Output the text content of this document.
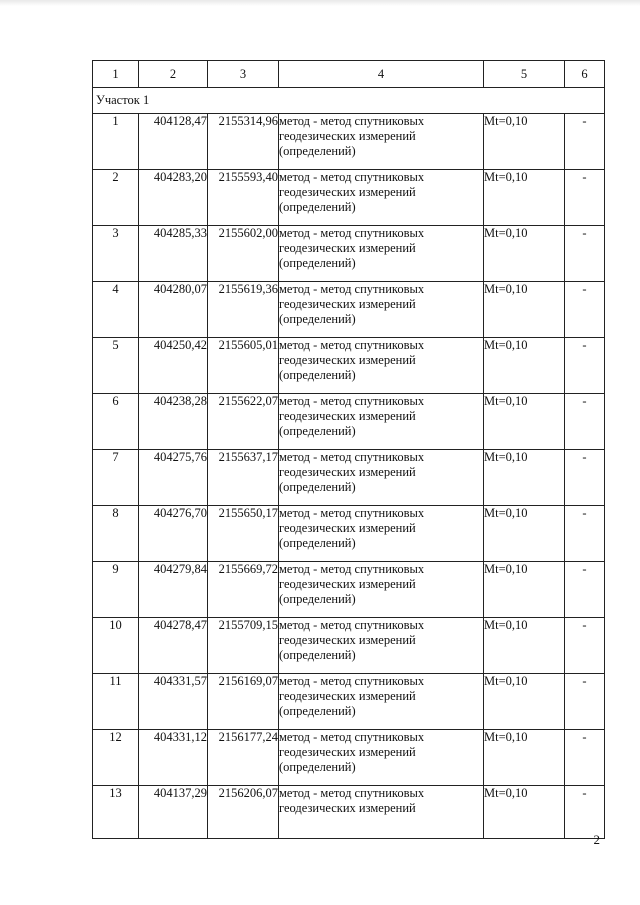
1	2	3	4	5	6
Участок 1					
1	404128,47	2155314,96	метод - метод спутниковых геодезических измерений (определений)	Mt=0,10	-
2	404283,20	2155593,40	метод - метод спутниковых геодезических измерений (определений)	Mt=0,10	-
3	404285,33	2155602,00	метод - метод спутниковых геодезических измерений (определений)	Mt=0,10	-
4	404280,07	2155619,36	метод - метод спутниковых геодезических измерений (определений)	Mt=0,10	-
5	404250,42	2155605,01	метод - метод спутниковых геодезических измерений (определений)	Mt=0,10	-
6	404238,28	2155622,07	метод - метод спутниковых геодезических измерений (определений)	Mt=0,10	-
7	404275,76	2155637,17	метод - метод спутниковых геодезических измерений (определений)	Mt=0,10	-
8	404276,70	2155650,17	метод - метод спутниковых геодезических измерений (определений)	Mt=0,10	-
9	404279,84	2155669,72	метод - метод спутниковых геодезических измерений (определений)	Mt=0,10	-
10	404278,47	2155709,15	метод - метод спутниковых геодезических измерений (определений)	Mt=0,10	-
11	404331,57	2156169,07	метод - метод спутниковых геодезических измерений (определений)	Mt=0,10	-
12	404331,12	2156177,24	метод - метод спутниковых геодезических измерений (определений)	Mt=0,10	-
13	404137,29	2156206,07	метод - метод спутниковых геодезических измерений	Mt=0,10	-
2
